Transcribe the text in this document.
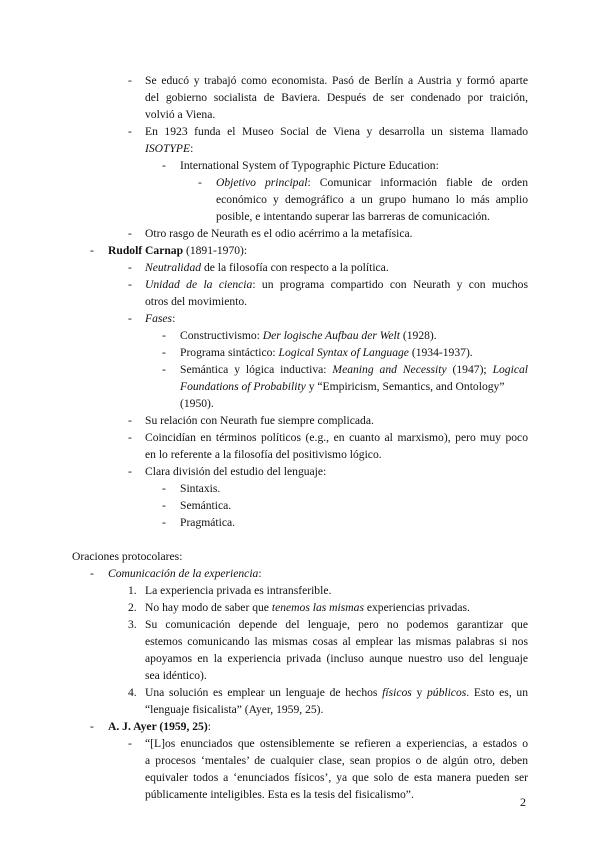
- Se educó y trabajó como economista. Pasó de Berlín a Austria y formó aparte
del gobierno socialista de Baviera. Después de ser condenado por traición,
volvió a Viena.
- En 1923 funda el Museo Social de Viena y desarrolla un sistema llamado
ISOTYPE:
- International System of Typographic Picture Education:
- Objetivo principal: Comunicar información fiable de orden
económico y demográfico a un grupo humano lo más amplio
posible, e intentando superar las barreras de comunicación.
- Otro rasgo de Neurath es el odio acérrimo a la metafísica.
- Rudolf Carnap (1891-1970):
- Neutralidad de la filosofía con respecto a la política.
- Unidad de la ciencia: un programa compartido con Neurath y con muchos
otros del movimiento.
- Fases:
- Constructivismo: Der logische Aufbau der Welt (1928).
- Programa sintáctico: Logical Syntax of Language (1934-1937).
- Semántica y lógica inductiva: Meaning and Necessity (1947); Logical
Foundations of Probability y “Empiricism, Semantics, and Ontology”
(1950).
- Su relación con Neurath fue siempre complicada.
- Coincidían en términos políticos (e.g., en cuanto al marxismo), pero muy poco
en lo referente a la filosofía del positivismo lógico.
- Clara división del estudio del lenguaje:
- Sintaxis.
- Semántica.
- Pragmática.
Oraciones protocolares:
- Comunicación de la experiencia:
1. La experiencia privada es intransferible.
2. No hay modo de saber que tenemos las mismas experiencias privadas.
3. Su comunicación depende del lenguaje, pero no podemos garantizar que
estemos comunicando las mismas cosas al emplear las mismas palabras si nos
apoyamos en la experiencia privada (incluso aunque nuestro uso del lenguaje
sea idéntico).
4. Una solución es emplear un lenguaje de hechos físicos y públicos. Esto es, un
“lenguaje fisicalista” (Ayer, 1959, 25).
- A. J. Ayer (1959, 25):
- “[L]os enunciados que ostensiblemente se refieren a experiencias, a estados o
a procesos ‘mentales’ de cualquier clase, sean propios o de algún otro, deben
equivaler todos a ‘enunciados físicos’, ya que solo de esta manera pueden ser
públicamente inteligibles. Esta es la tesis del fisicalismo”.
2
